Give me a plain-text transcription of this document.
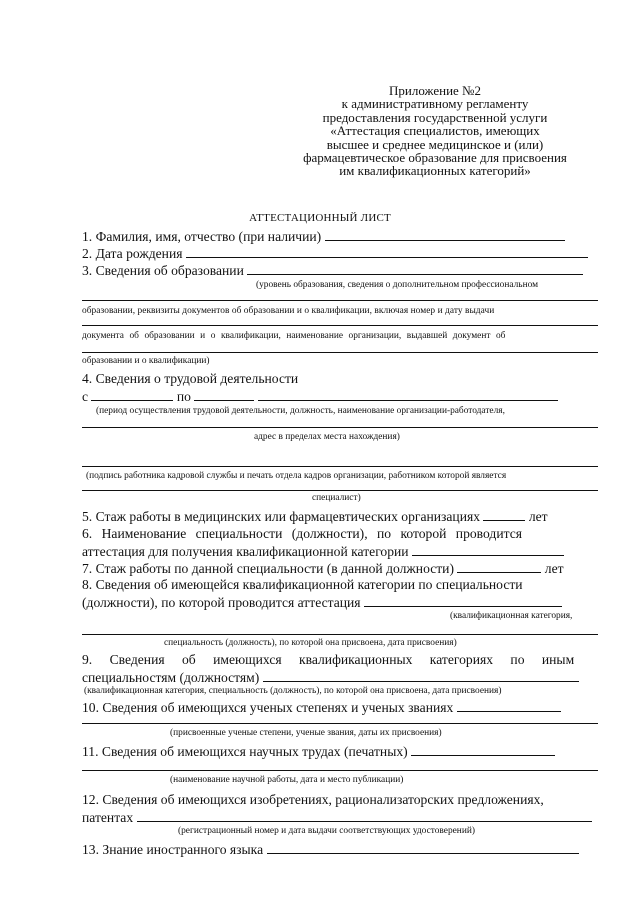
Приложение №2
к административному регламенту
предоставления государственной услуги
«Аттестация специалистов, имеющих
высшее и среднее медицинское и (или)
фармацевтическое образование для присвоения
им квалификационных категорий»
АТТЕСТАЦИОННЫЙ ЛИСТ
1. Фамилия, имя, отчество (при наличии)
2. Дата рождения
3. Сведения об образовании
(уровень образования, сведения о дополнительном профессиональном
образовании, реквизиты документов об образовании и о квалификации, включая номер и дату выдачи
документа об образовании и о квалификации, наименование организации, выдавшей документ об
образовании и о квалификации)
4. Сведения о трудовой деятельности
с	по
(период осуществления трудовой деятельности, должность, наименование организации-работодателя,
адрес в пределах места нахождения)
(подпись работника кадровой службы и печать отдела кадров организации, работником которой является
специалист)
5. Стаж работы в медицинских или фармацевтических организациях	лет
6. Наименование специальности (должности), по которой проводится
аттестация для получения квалификационной категории
7. Стаж работы по данной специальности (в данной должности)	лет
8. Сведения об имеющейся квалификационной категории по специальности
(должности), по которой проводится аттестация
(квалификационная категория,
специальность (должность), по которой она присвоена, дата присвоения)
9. Сведения об имеющихся квалификационных категориях по иным
специальностям (должностям)
(квалификационная категория, специальность (должность), по которой она присвоена, дата присвоения)
10. Сведения об имеющихся ученых степенях и ученых званиях
(присвоенные ученые степени, ученые звания, даты их присвоения)
11. Сведения об имеющихся научных трудах (печатных)
(наименование научной работы, дата и место публикации)
12. Сведения об имеющихся изобретениях, рационализаторских предложениях,
патентах
(регистрационный номер и дата выдачи соответствующих удостоверений)
13. Знание иностранного языка
